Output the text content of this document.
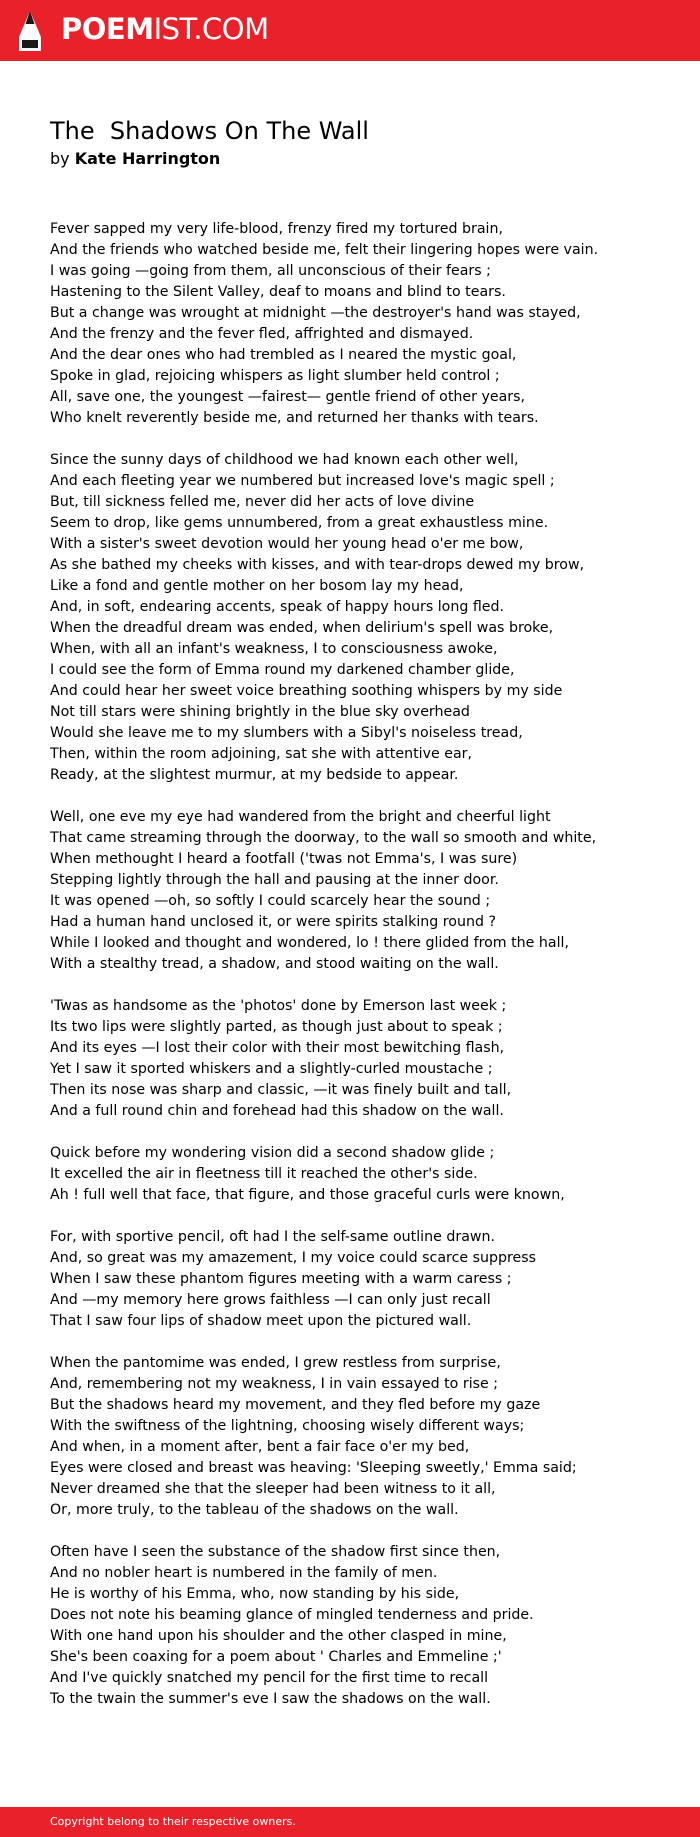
POEMIST.COM
The  Shadows On The Wall
by Kate Harrington
Fever sapped my very life-blood, frenzy fired my tortured brain,
And the friends who watched beside me, felt their lingering hopes were vain.
I was going —going from them, all unconscious of their fears ;
Hastening to the Silent Valley, deaf to moans and blind to tears.
But a change was wrought at midnight —the destroyer's hand was stayed,
And the frenzy and the fever fled, affrighted and dismayed.
And the dear ones who had trembled as I neared the mystic goal,
Spoke in glad, rejoicing whispers as light slumber held control ;
All, save one, the youngest —fairest— gentle friend of other years,
Who knelt reverently beside me, and returned her thanks with tears.
Since the sunny days of childhood we had known each other well,
And each fleeting year we numbered but increased love's magic spell ;
But, till sickness felled me, never did her acts of love divine
Seem to drop, like gems unnumbered, from a great exhaustless mine.
With a sister's sweet devotion would her young head o'er me bow,
As she bathed my cheeks with kisses, and with tear-drops dewed my brow,
Like a fond and gentle mother on her bosom lay my head,
And, in soft, endearing accents, speak of happy hours long fled.
When the dreadful dream was ended, when delirium's spell was broke,
When, with all an infant's weakness, I to consciousness awoke,
I could see the form of Emma round my darkened chamber glide,
And could hear her sweet voice breathing soothing whispers by my side
Not till stars were shining brightly in the blue sky overhead
Would she leave me to my slumbers with a Sibyl's noiseless tread,
Then, within the room adjoining, sat she with attentive ear,
Ready, at the slightest murmur, at my bedside to appear.
Well, one eve my eye had wandered from the bright and cheerful light
That came streaming through the doorway, to the wall so smooth and white,
When methought I heard a footfall ('twas not Emma's, I was sure)
Stepping lightly through the hall and pausing at the inner door.
It was opened —oh, so softly I could scarcely hear the sound ;
Had a human hand unclosed it, or were spirits stalking round ?
While I looked and thought and wondered, lo ! there glided from the hall,
With a stealthy tread, a shadow, and stood waiting on the wall.
'Twas as handsome as the 'photos' done by Emerson last week ;
Its two lips were slightly parted, as though just about to speak ;
And its eyes —I lost their color with their most bewitching flash,
Yet I saw it sported whiskers and a slightly-curled moustache ;
Then its nose was sharp and classic, —it was finely built and tall,
And a full round chin and forehead had this shadow on the wall.
Quick before my wondering vision did a second shadow glide ;
It excelled the air in fleetness till it reached the other's side.
Ah ! full well that face, that figure, and those graceful curls were known,
For, with sportive pencil, oft had I the self-same outline drawn.
And, so great was my amazement, I my voice could scarce suppress
When I saw these phantom figures meeting with a warm caress ;
And —my memory here grows faithless —I can only just recall
That I saw four lips of shadow meet upon the pictured wall.
When the pantomime was ended, I grew restless from surprise,
And, remembering not my weakness, I in vain essayed to rise ;
But the shadows heard my movement, and they fled before my gaze
With the swiftness of the lightning, choosing wisely different ways;
And when, in a moment after, bent a fair face o'er my bed,
Eyes were closed and breast was heaving: 'Sleeping sweetly,' Emma said;
Never dreamed she that the sleeper had been witness to it all,
Or, more truly, to the tableau of the shadows on the wall.
Often have I seen the substance of the shadow first since then,
And no nobler heart is numbered in the family of men.
He is worthy of his Emma, who, now standing by his side,
Does not note his beaming glance of mingled tenderness and pride.
With one hand upon his shoulder and the other clasped in mine,
She's been coaxing for a poem about ' Charles and Emmeline ;'
And I've quickly snatched my pencil for the first time to recall
To the twain the summer's eve I saw the shadows on the wall.
Copyright belong to their respective owners.
